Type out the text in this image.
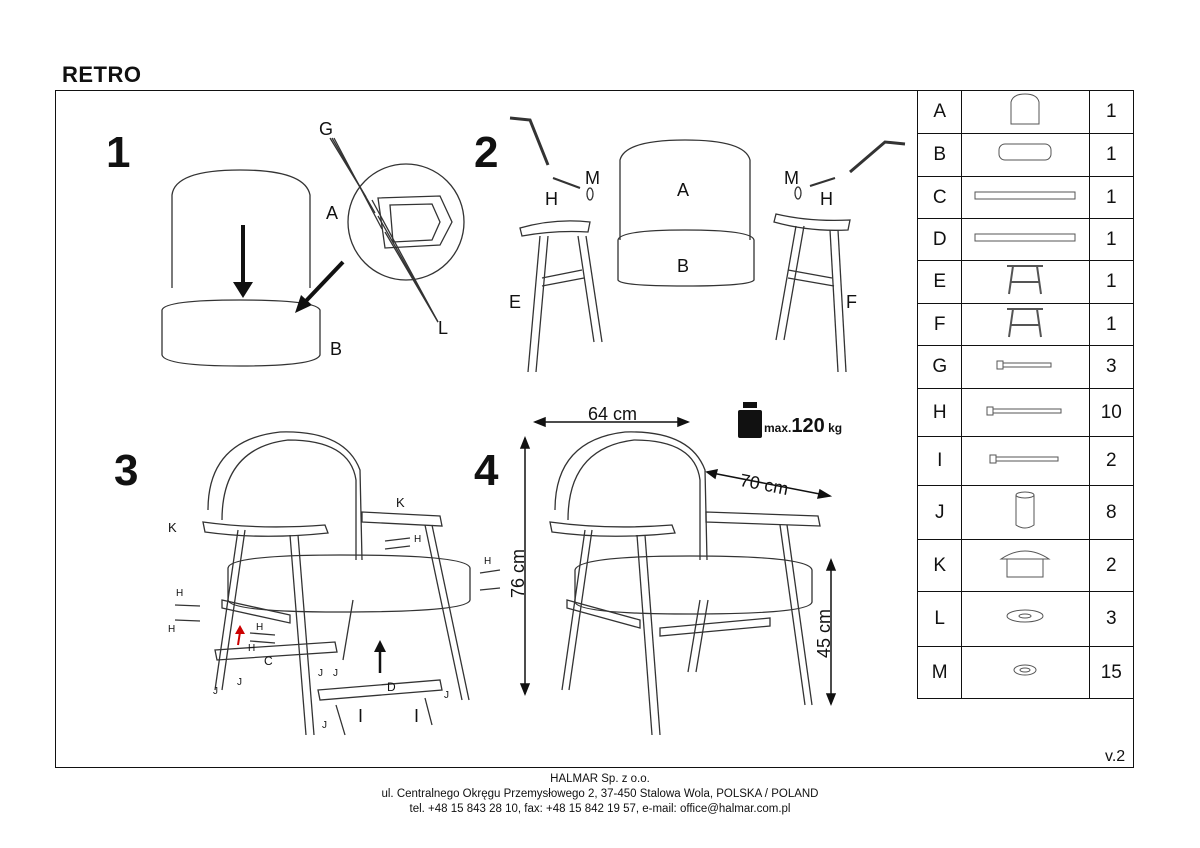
RETRO
1	2
3	4
G
A
B
L
H
M
A
M
H
B
E	F
K
K
H
H	H
H
H
H
C
D
J
J
J J
J
J
I	I
64 cm
70 cm
76 cm
45 cm
max.120 kg
A		1
B		1
C		1
D		1
E		1
F		1
G		3
H		10
I		2
J		8
K		2
L		3
M		15
v.2
HALMAR Sp. z o.o.
ul. Centralnego Okręgu Przemysłowego 2, 37-450 Stalowa Wola, POLSKA / POLAND
tel. +48 15 843 28 10, fax: +48 15 842 19 57, e-mail: office@halmar.com.pl
